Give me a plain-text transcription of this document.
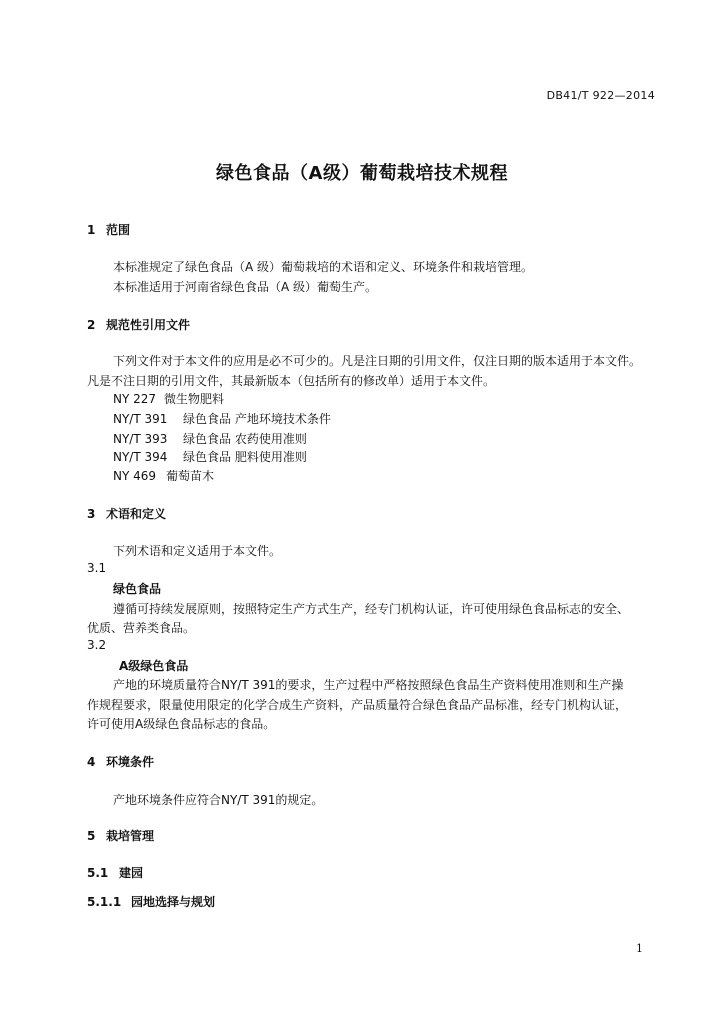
DB41/T 922—2014
绿色食品（A级）葡萄栽培技术规程
1 范围
本标准规定了绿色食品（A 级）葡萄栽培的术语和定义、环境条件和栽培管理。
本标准适用于河南省绿色食品（A 级）葡萄生产。
2 规范性引用文件
下列文件对于本文件的应用是必不可少的。凡是注日期的引用文件，仅注日期的版本适用于本文件。
凡是不注日期的引用文件，其最新版本（包括所有的修改单）适用于本文件。
NY 227 微生物肥料
NY/T 391 绿色食品 产地环境技术条件
NY/T 393 绿色食品 农药使用准则
NY/T 394 绿色食品 肥料使用准则
NY 469 葡萄苗木
3 术语和定义
下列术语和定义适用于本文件。
3.1
绿色食品
遵循可持续发展原则，按照特定生产方式生产，经专门机构认证，许可使用绿色食品标志的安全、
优质、营养类食品。
3.2
A级绿色食品
产地的环境质量符合NY/T 391的要求，生产过程中严格按照绿色食品生产资料使用准则和生产操
作规程要求，限量使用限定的化学合成生产资料，产品质量符合绿色食品产品标准，经专门机构认证，
许可使用A级绿色食品标志的食品。
4 环境条件
产地环境条件应符合NY/T 391的规定。
5 栽培管理
5.1 建园
5.1.1 园地选择与规划
1
